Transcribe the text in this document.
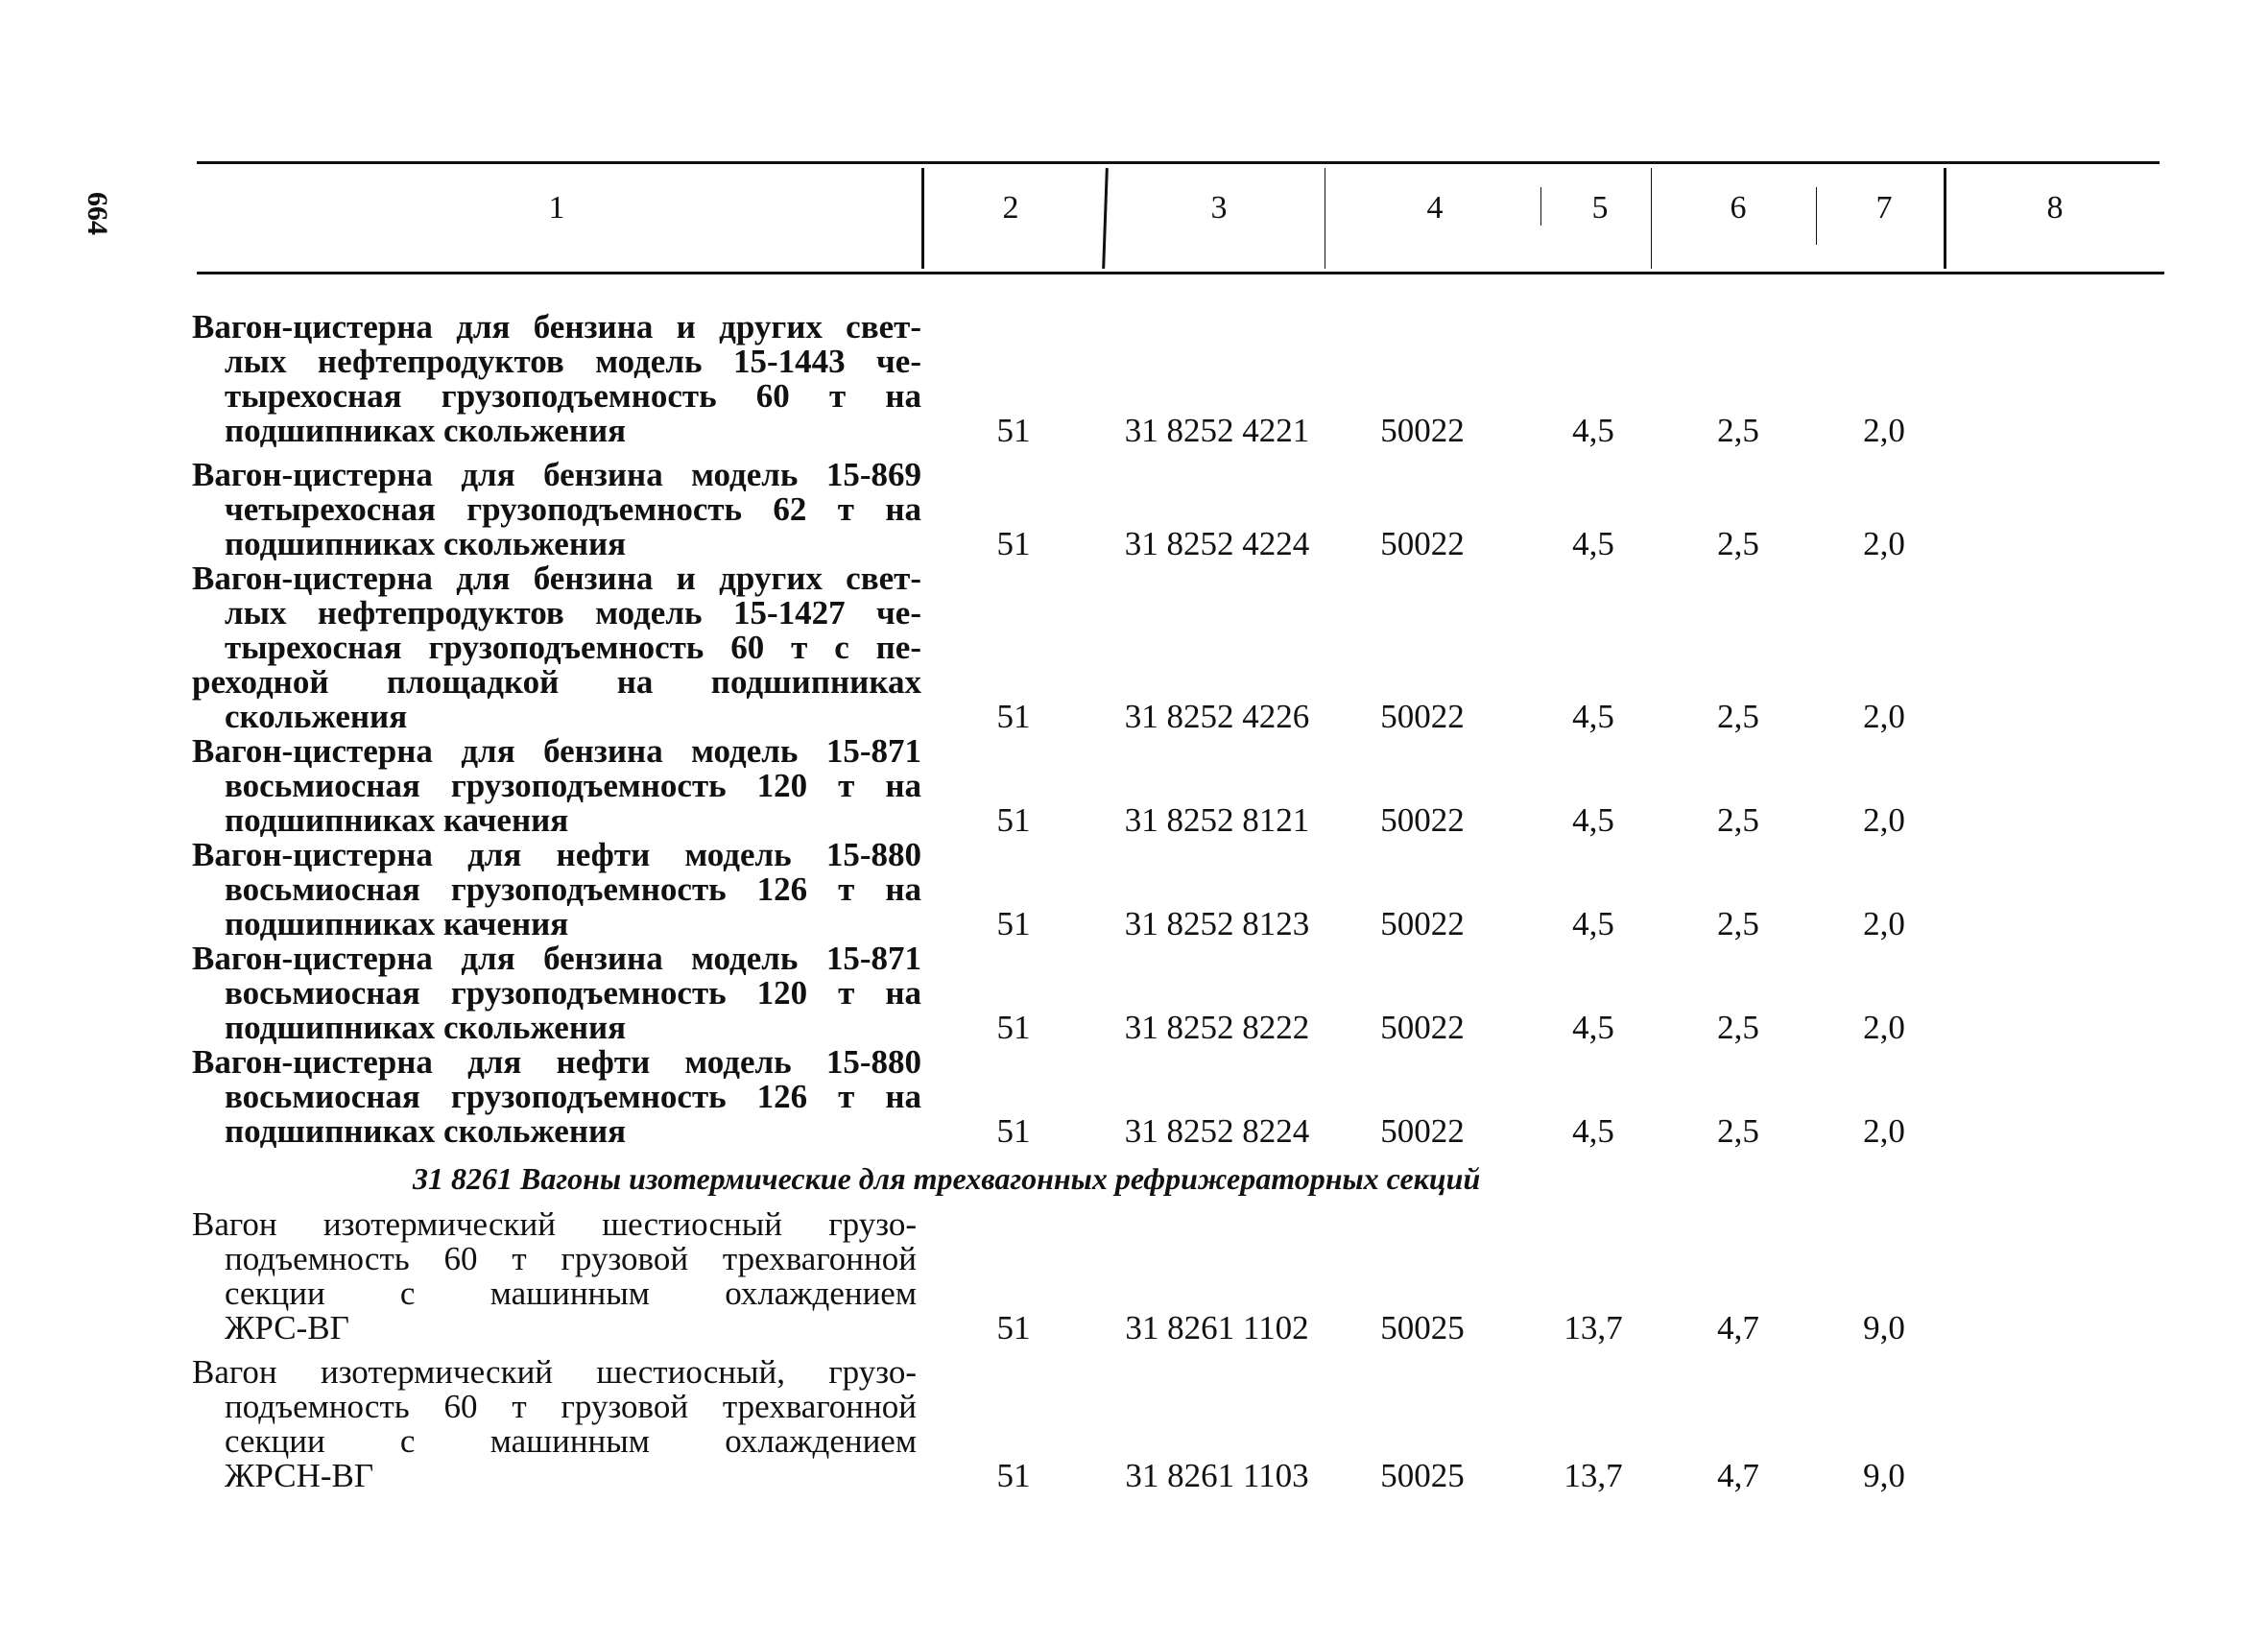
664	1	2	3	4	5	6	7	8
Вагон-цистерна для бензина и других свет-
лых нефтепродуктов модель 15-1443 че-
тырехосная грузоподъемность 60 т на
подшипниках скольжения	51	31 8252 4221 50022	4,5	2,5	2,0
Вагон-цистерна для бензина модель 15-869
четырехосная грузоподъемность 62 т на
подшипниках скольжения	51	31 8252 4224 50022	4,5	2,5	2,0
Вагон-цистерна для бензина и других свет-
лых нефтепродуктов модель 15-1427 че-
тырехосная грузоподъемность 60 т с пе-
реходной площадкой на подшипниках
скольжения	51	31 8252 4226 50022	4,5	2,5	2,0
Вагон-цистерна для бензина модель 15-871
восьмиосная грузоподъемность 120 т на
подшипниках качения	51	31 8252 8121 50022	4,5	2,5	2,0
Вагон-цистерна для нефти модель 15-880
восьмиосная грузоподъемность 126 т на
подшипниках качения	51	31 8252 8123 50022	4,5	2,5	2,0
Вагон-цистерна для бензина модель 15-871
восьмиосная грузоподъемность 120 т на
подшипниках скольжения	51	31 8252 8222 50022	4,5	2,5	2,0
Вагон-цистерна для нефти модель 15-880
восьмиосная грузоподъемность 126 т на
подшипниках скольжения	51	31 8252 8224 50022	4,5	2,5	2,0
31 8261 Вагоны изотермические для трехвагонных рефрижераторных секций
Вагон изотермический шестиосный грузо-
подъемность 60 т грузовой трехвагонной
секции с машинным охлаждением
ЖРС-ВГ	51	31 8261 1102 50025	13,7	4,7	9,0
Вагон изотермический шестиосный, грузо-
подъемность 60 т грузовой трехвагонной
секции с машинным охлаждением
ЖРСН-ВГ	51	31 8261 1103 50025	13,7	4,7	9,0
